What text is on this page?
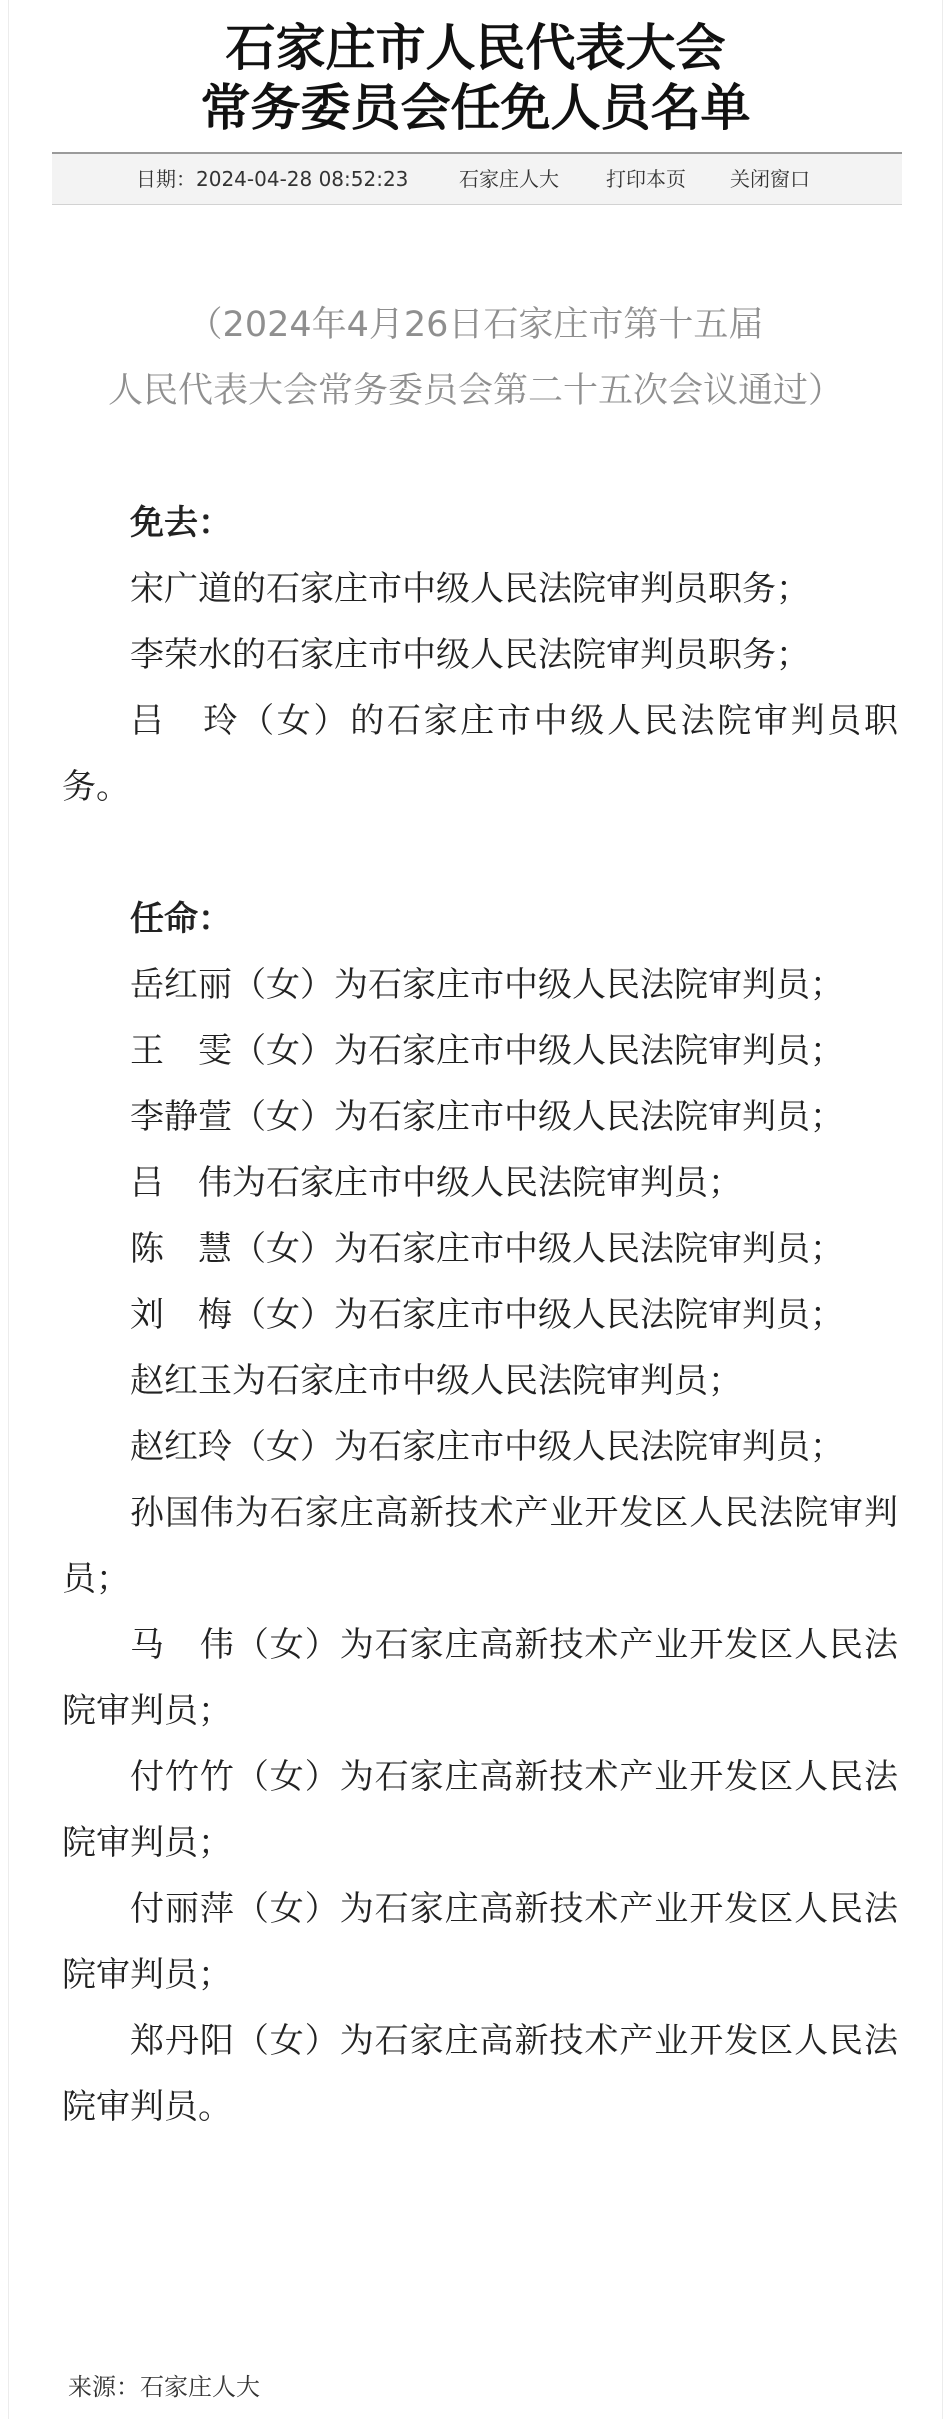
石家庄市人民代表大会
常务委员会任免人员名单
日期：2024-04-28 08:52:23	石家庄人大 打印本页 关闭窗口
（2024年4月26日石家庄市第十五届
人民代表大会常务委员会第二十五次会议通过）

免去：

宋广道的石家庄市中级人民法院审判员职务；

李荣水的石家庄市中级人民法院审判员职务；

吕　玲（女）的石家庄市中级人民法院审判员职务。

任命：

岳红丽（女）为石家庄市中级人民法院审判员；

王　雯（女）为石家庄市中级人民法院审判员；

李静萱（女）为石家庄市中级人民法院审判员；

吕　伟为石家庄市中级人民法院审判员；

陈　慧（女）为石家庄市中级人民法院审判员；

刘　梅（女）为石家庄市中级人民法院审判员；

赵红玉为石家庄市中级人民法院审判员；

赵红玲（女）为石家庄市中级人民法院审判员；

孙国伟为石家庄高新技术产业开发区人民法院审判员；

马　伟（女）为石家庄高新技术产业开发区人民法院审判员；

付竹竹（女）为石家庄高新技术产业开发区人民法院审判员；

付丽萍（女）为石家庄高新技术产业开发区人民法院审判员；

郑丹阳（女）为石家庄高新技术产业开发区人民法院审判员。

来源：石家庄人大
